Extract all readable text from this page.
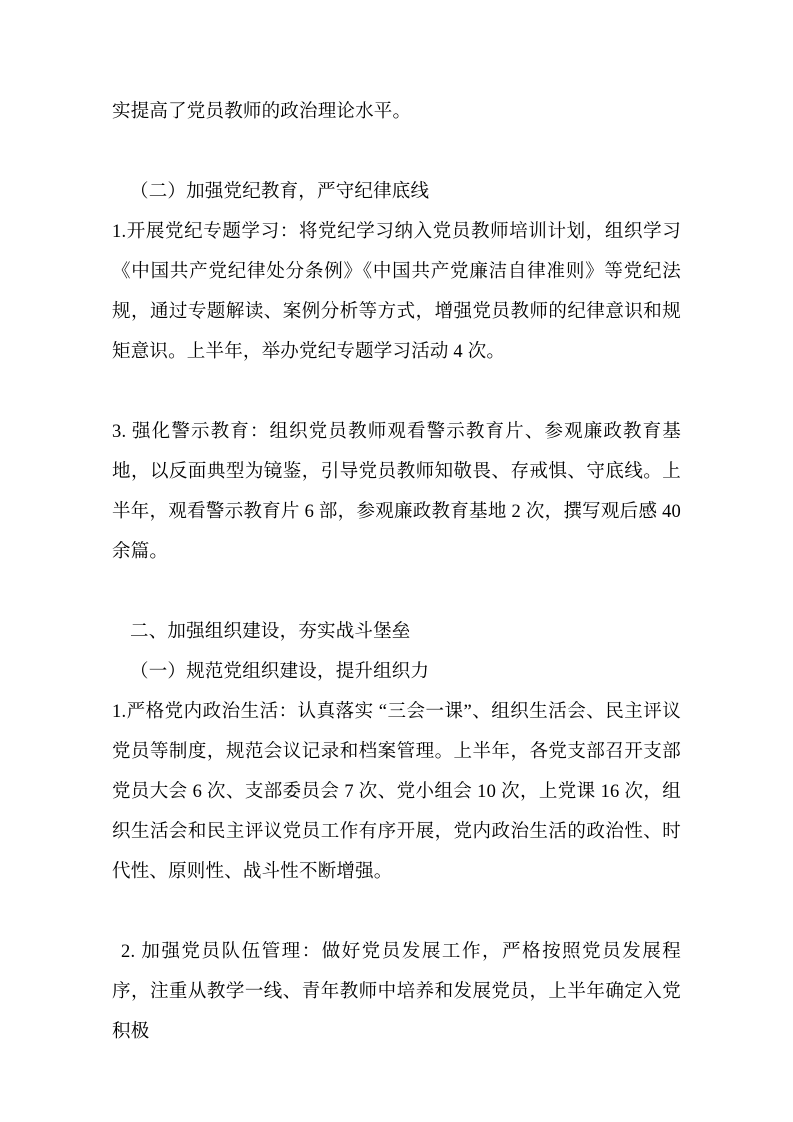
实提高了党员教师的政治理论水平。

（二）加强党纪教育，严守纪律底线

1.开展党纪专题学习：将党纪学习纳入党员教师培训计划，组织学习《中国共产党纪律处分条例》《中国共产党廉洁自律准则》等党纪法规，通过专题解读、案例分析等方式，增强党员教师的纪律意识和规矩意识。上半年，举办党纪专题学习活动 4 次。

3. 强化警示教育：组织党员教师观看警示教育片、参观廉政教育基地，以反面典型为镜鉴，引导党员教师知敬畏、存戒惧、守底线。上半年，观看警示教育片 6 部，参观廉政教育基地 2 次，撰写观后感 40 余篇。

二、加强组织建设，夯实战斗堡垒

（一）规范党组织建设，提升组织力

1.严格党内政治生活：认真落实 “三会一课”、组织生活会、民主评议党员等制度，规范会议记录和档案管理。上半年，各党支部召开支部党员大会 6 次、支部委员会 7 次、党小组会 10 次，上党课 16 次，组织生活会和民主评议党员工作有序开展，党内政治生活的政治性、时代性、原则性、战斗性不断增强。

2. 加强党员队伍管理：做好党员发展工作，严格按照党员发展程序，注重从教学一线、青年教师中培养和发展党员，上半年确定入党积极
